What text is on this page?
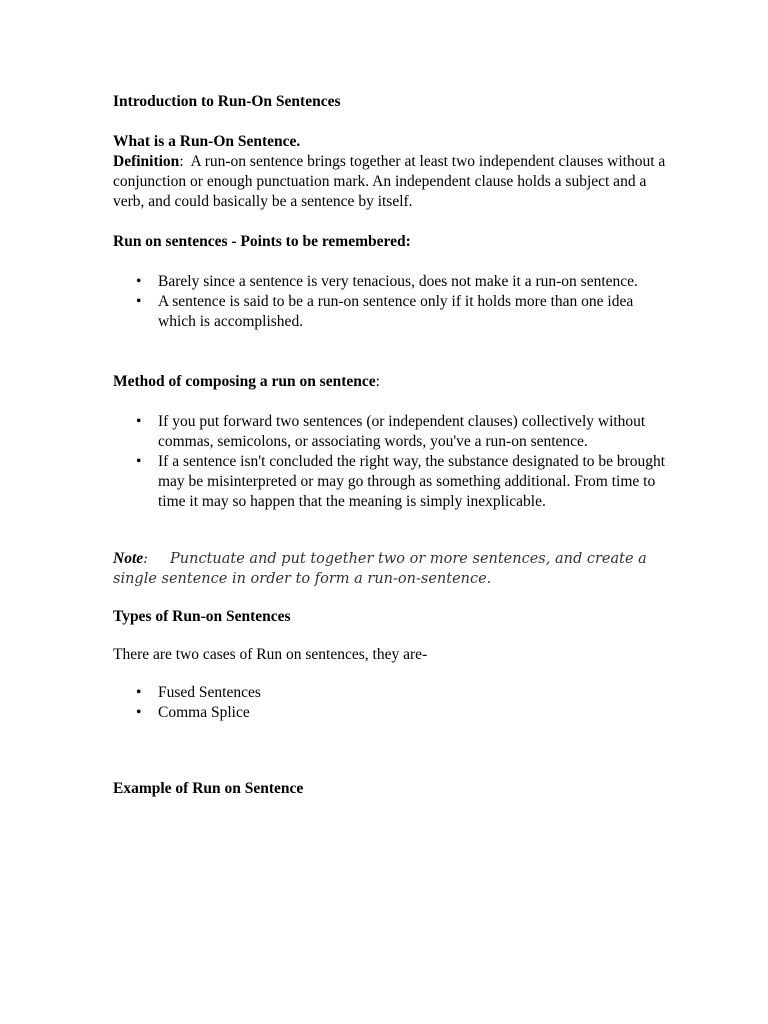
Introduction to Run-On Sentences

What is a Run-On Sentence.

Definition:  A run-on sentence brings together at least two independent clauses without a conjunction or enough punctuation mark. An independent clause holds a subject and a verb, and could basically be a sentence by itself.

Run on sentences - Points to be remembered:

• Barely since a sentence is very tenacious, does not make it a run-on sentence.
• A sentence is said to be a run-on sentence only if it holds more than one idea which is accomplished.

Method of composing a run on sentence:

• If you put forward two sentences (or independent clauses) collectively without commas, semicolons, or associating words, you've a run-on sentence.
• If a sentence isn't concluded the right way, the substance designated to be brought may be misinterpreted or may go through as something additional. From time to time it may so happen that the meaning is simply inexplicable.

Note: Punctuate and put together two or more sentences, and create a single sentence in order to form a run-on-sentence.

Types of Run-on Sentences

There are two cases of Run on sentences, they are-

• Fused Sentences
• Comma Splice

Example of Run on Sentence
